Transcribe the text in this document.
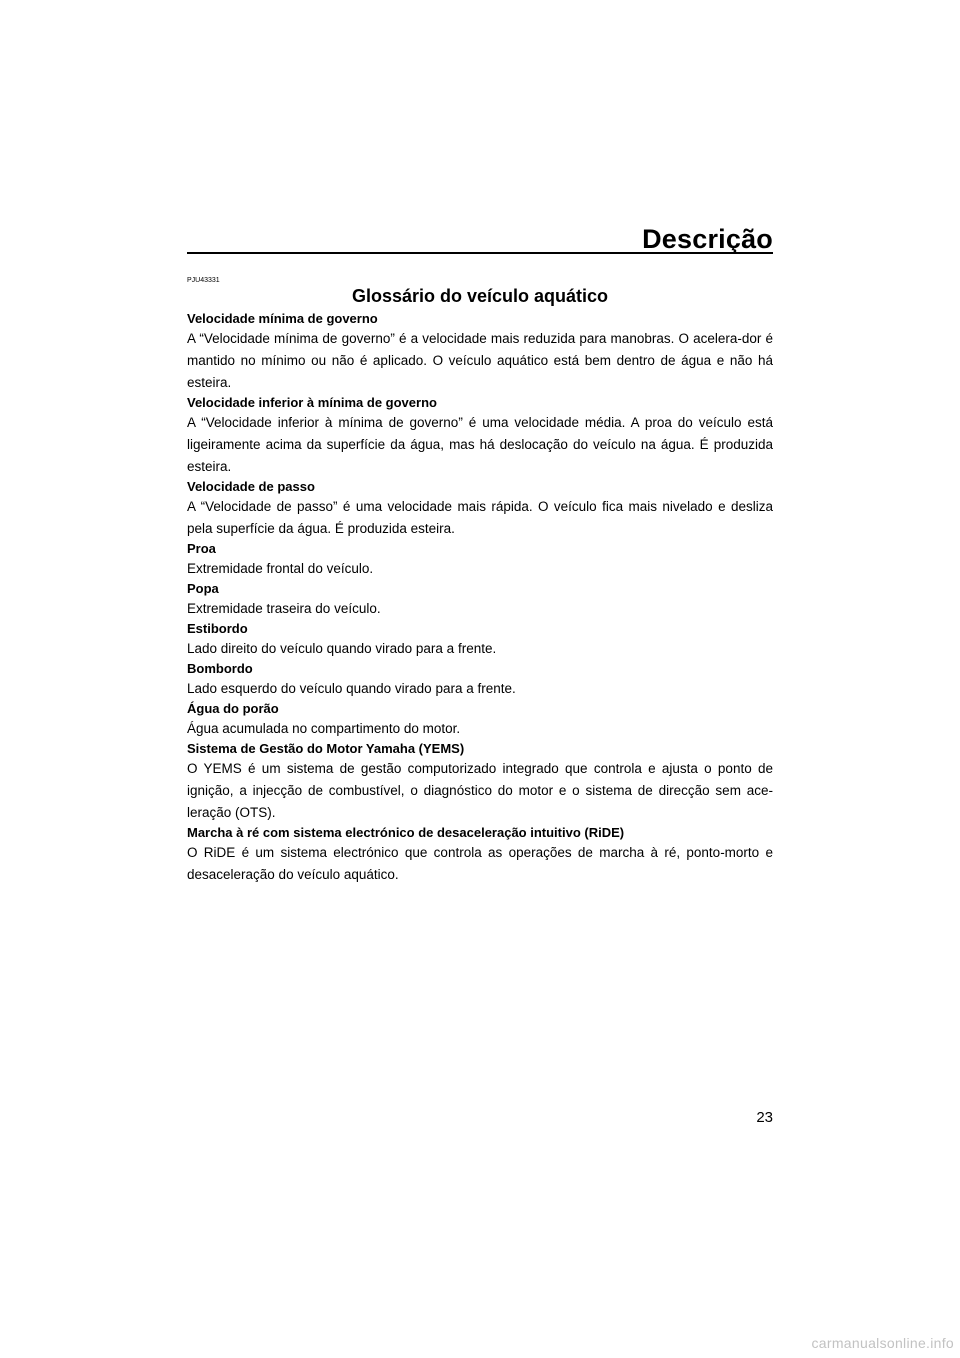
Descrição
PJU43331
Glossário do veículo aquático
Velocidade mínima de governo
A “Velocidade mínima de governo” é a velocidade mais reduzida para manobras. O acelera-dor é mantido no mínimo ou não é aplicado. O veículo aquático está bem dentro de água e não há esteira.
Velocidade inferior à mínima de governo
A “Velocidade inferior à mínima de governo” é uma velocidade média. A proa do veículo está ligeiramente acima da superfície da água, mas há deslocação do veículo na água. É produzida esteira.
Velocidade de passo
A “Velocidade de passo” é uma velocidade mais rápida. O veículo fica mais nivelado e desliza pela superfície da água. É produzida esteira.
Proa
Extremidade frontal do veículo.
Popa
Extremidade traseira do veículo.
Estibordo
Lado direito do veículo quando virado para a frente.
Bombordo
Lado esquerdo do veículo quando virado para a frente.
Água do porão
Água acumulada no compartimento do motor.
Sistema de Gestão do Motor Yamaha (YEMS)
O YEMS é um sistema de gestão computorizado integrado que controla e ajusta o ponto de ignição, a injecção de combustível, o diagnóstico do motor e o sistema de direcção sem ace-leração (OTS).
Marcha à ré com sistema electrónico de desaceleração intuitivo (RiDE)
O RiDE é um sistema electrónico que controla as operações de marcha à ré, ponto-morto e desaceleração do veículo aquático.
23
carmanualsonline.info
